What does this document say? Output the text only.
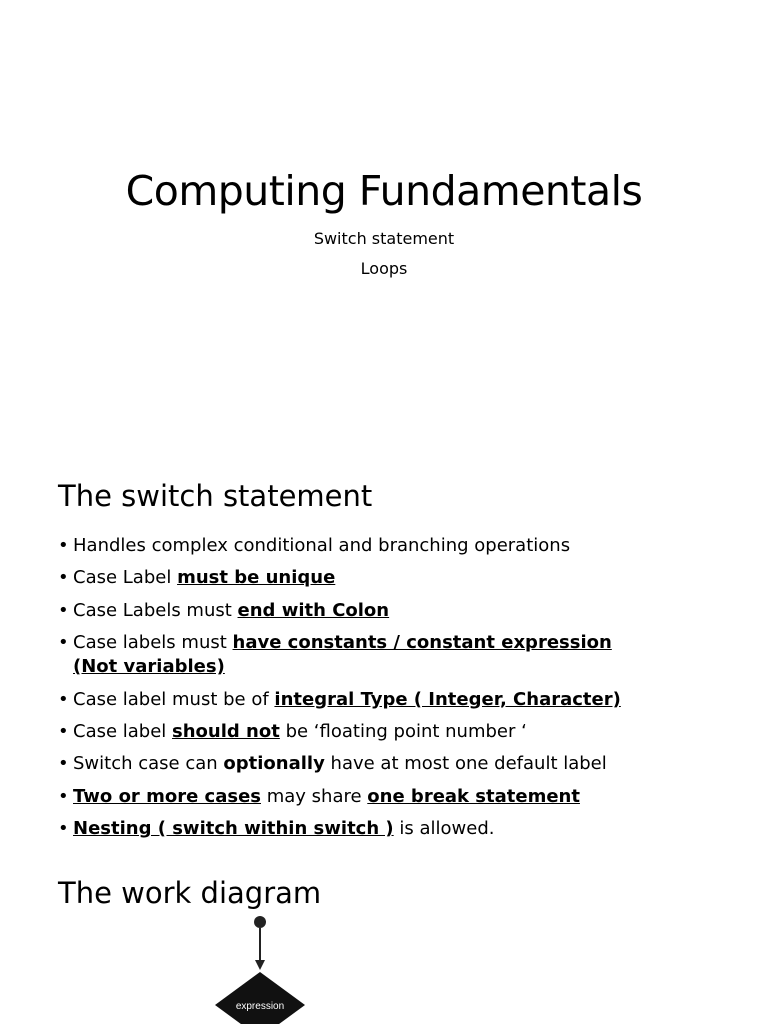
Computing Fundamentals
Switch statement
Loops
The switch statement
• Handles complex conditional and branching operations
• Case Label must be unique
• Case Labels must end with Colon
• Case labels must have constants / constant expression (Not variables)
• Case label must be of integral Type ( Integer, Character)
• Case label should not be ‘floating point number ‘
• Switch case can optionally have at most one default label
• Two or more cases may share one break statement
• Nesting ( switch within switch ) is allowed.
The work diagram
expression
